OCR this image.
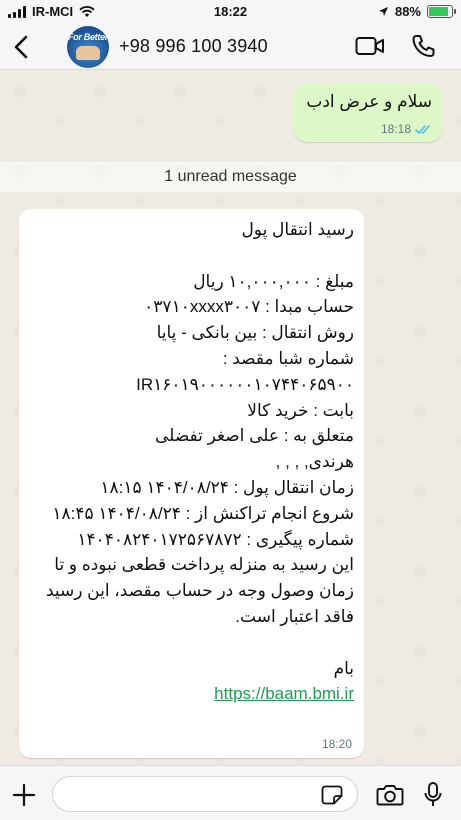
IR-MCI	18:22	88%
For Better +98 996 100 3940
سلام و عرض ادب
18:18
1 unread message
رسید انتقال پول
مبلغ : ۱۰,۰۰۰,۰۰۰ ریال
حساب مبدا : ۰۳۷۱۰xxxx۳۰۰۷
روش انتقال : بین بانکی - پایا
شماره شبا مقصد :
IR۱۶۰۱۹۰۰۰۰۰۰۱۰۷۴۴۰۶۵۹۰۰
بابت : خرید کالا
متعلق به : علی اصغر تفضلی
هرندی, , , ,
زمان انتقال پول : ۱۴۰۴/۰۸/۲۴ ۱۸:۱۵
شروع انجام تراکنش از : ۱۴۰۴/۰۸/۲۴ ۱۸:۴۵
شماره پیگیری : ۱۴۰۴۰۸۲۴۰۱۷۲۵۶۷۸۷۲
این رسید به منزله پرداخت قطعی نبوده و تا
زمان وصول وجه در حساب مقصد، این رسید
فاقد اعتبار است.
بام
https://baam.bmi.ir
18:20
